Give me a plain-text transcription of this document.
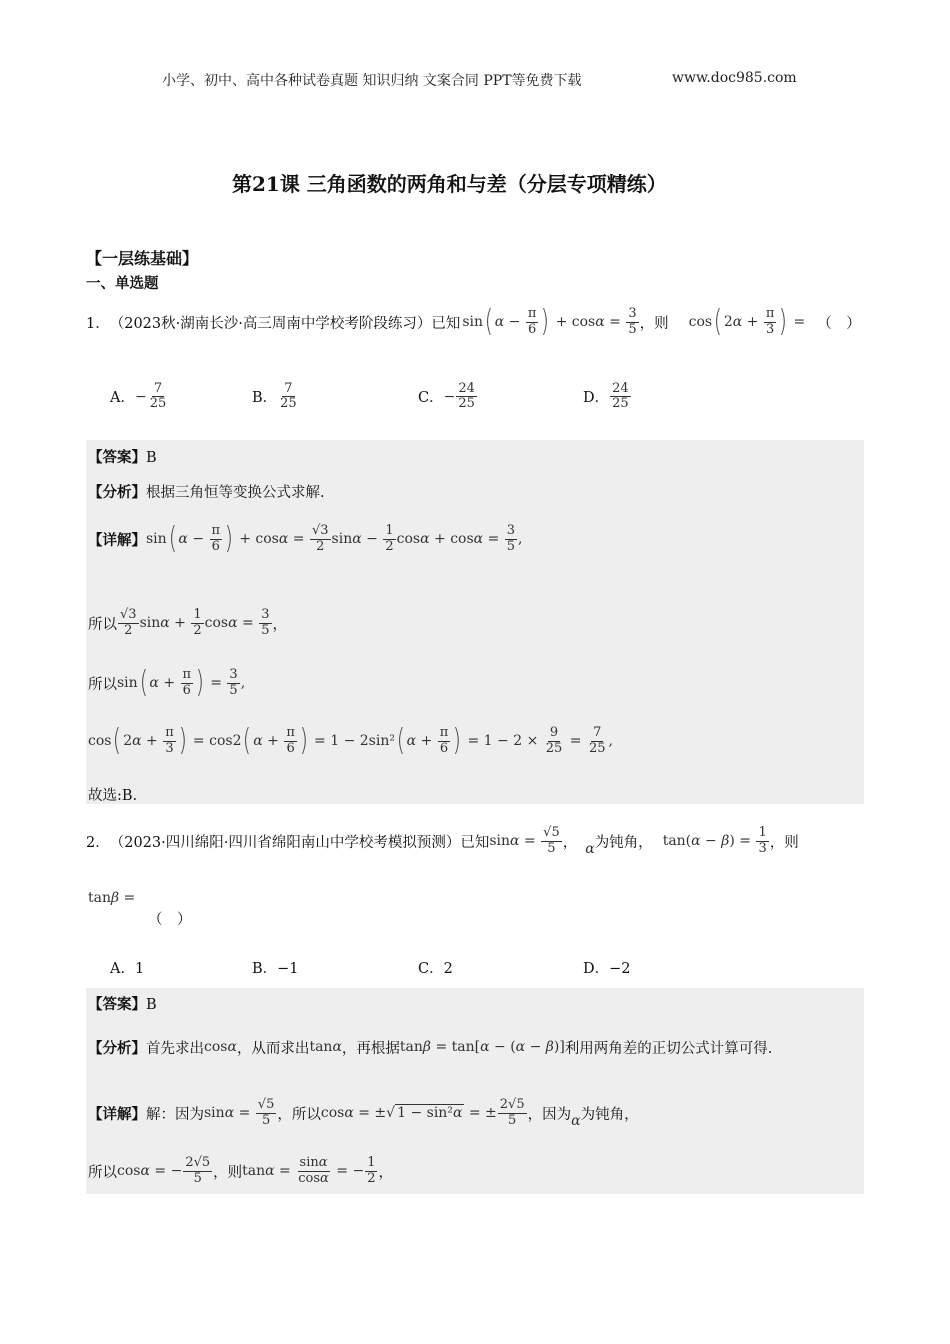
小学、初中、高中各种试卷真题 知识归纳 文案合同 PPT等免费下载	www.doc985.com
第21课 三角函数的两角和与差（分层专项精练）
【一层练基础】
一、单选题
1． （2023秋·湖南长沙·高三周南中学校考阶段练习）已知 sin( $\alpha - \frac{\pi}{6}$ ) + $\cos\alpha = \frac{3}{5}$ ，则 cos( $2\alpha + \frac{\pi}{3}$ ) = （　）
A． − $\frac{7}{25}$	B． $\frac{7}{25}$	C． − $\frac{24}{25}$	D． $\frac{24}{25}$
【答案】B
【分析】根据三角恒等变换公式求解.
【详解】 sin( $\alpha - \frac{\pi}{6}$ ) + $\cos\alpha = \frac{√3}{2}$ $\sin\alpha - \frac{1}{2}$ $\cos\alpha + \cos\alpha = \frac{3}{5}$ ,
所以 $\frac{√3}{2}$ $\sin\alpha + \frac{1}{2}$ $\cos\alpha = \frac{3}{5}$ ，
所以 sin( $\alpha + \frac{\pi}{6}$ ) = $\frac{3}{5}$ ,
cos( $2\alpha + \frac{\pi}{3}$ ) = cos2( $\alpha + \frac{\pi}{6}$ ) = 1 − 2sin²( $\alpha + \frac{\pi}{6}$ ) = $1 - 2 \times \frac{9}{25} = \frac{7}{25}$ ,
故选:B.
2． （2023·四川绵阳·四川省绵阳南山中学校考模拟预测）已知 $\sin\alpha = \frac{√5}{5}$ ， α 为钝角， $\tan(\alpha - \beta) = \frac{1}{3}$ ，则
tanβ =
（　）
A．1	B．−1	C．2	D．−2
【答案】B
【分析】 首先求出 cosα ，从而求出 tanα ，再根据 tanβ = tan[α − (α − β)] 利用两角差的正切公式计算可得.
【详解】 解：因为 $\sin\alpha = \frac{√5}{5}$ ，所以 cosα = ±√ 1 − sin²α = ± $\frac{2√5}{5}$ ，因为 α 为钝角，
所以 cosα = − $\frac{2√5}{5}$ ，则 $\tan\alpha = \frac{\sin\alpha}{\cos\alpha}$ = − $\frac{1}{2}$ ，
